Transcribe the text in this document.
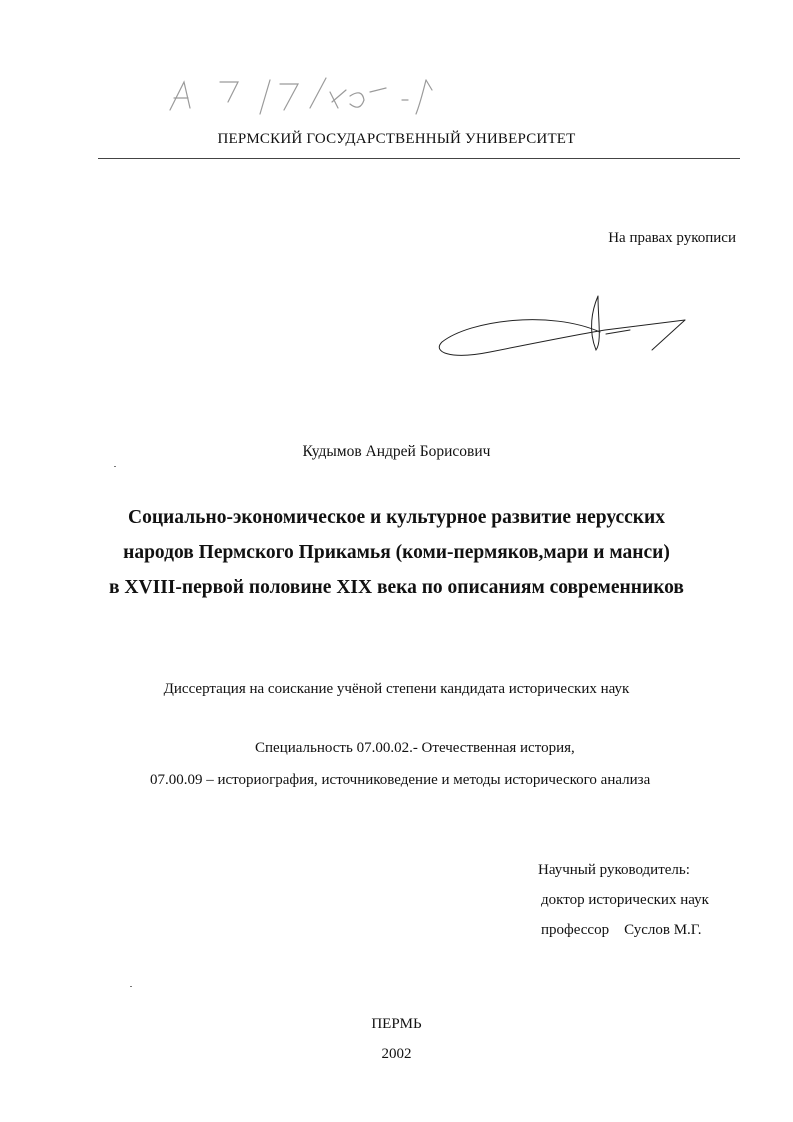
ПЕРМСКИЙ ГОСУДАРСТВЕННЫЙ УНИВЕРСИТЕТ
На правах рукописи
Кудымов Андрей Борисович
Социально-экономическое и культурное развитие нерусских
народов Пермского Прикамья (коми-пермяков,мари и манси)
в XVIII-первой половине XIX века по описаниям современников
Диссертация на соискание учёной степени кандидата исторических наук
Специальность 07.00.02.- Отечественная история,
07.00.09 – историография, источниковедение и методы исторического анализа
Научный руководитель:
доктор исторических наук
профессор    Суслов М.Г.
ПЕРМЬ
2002
